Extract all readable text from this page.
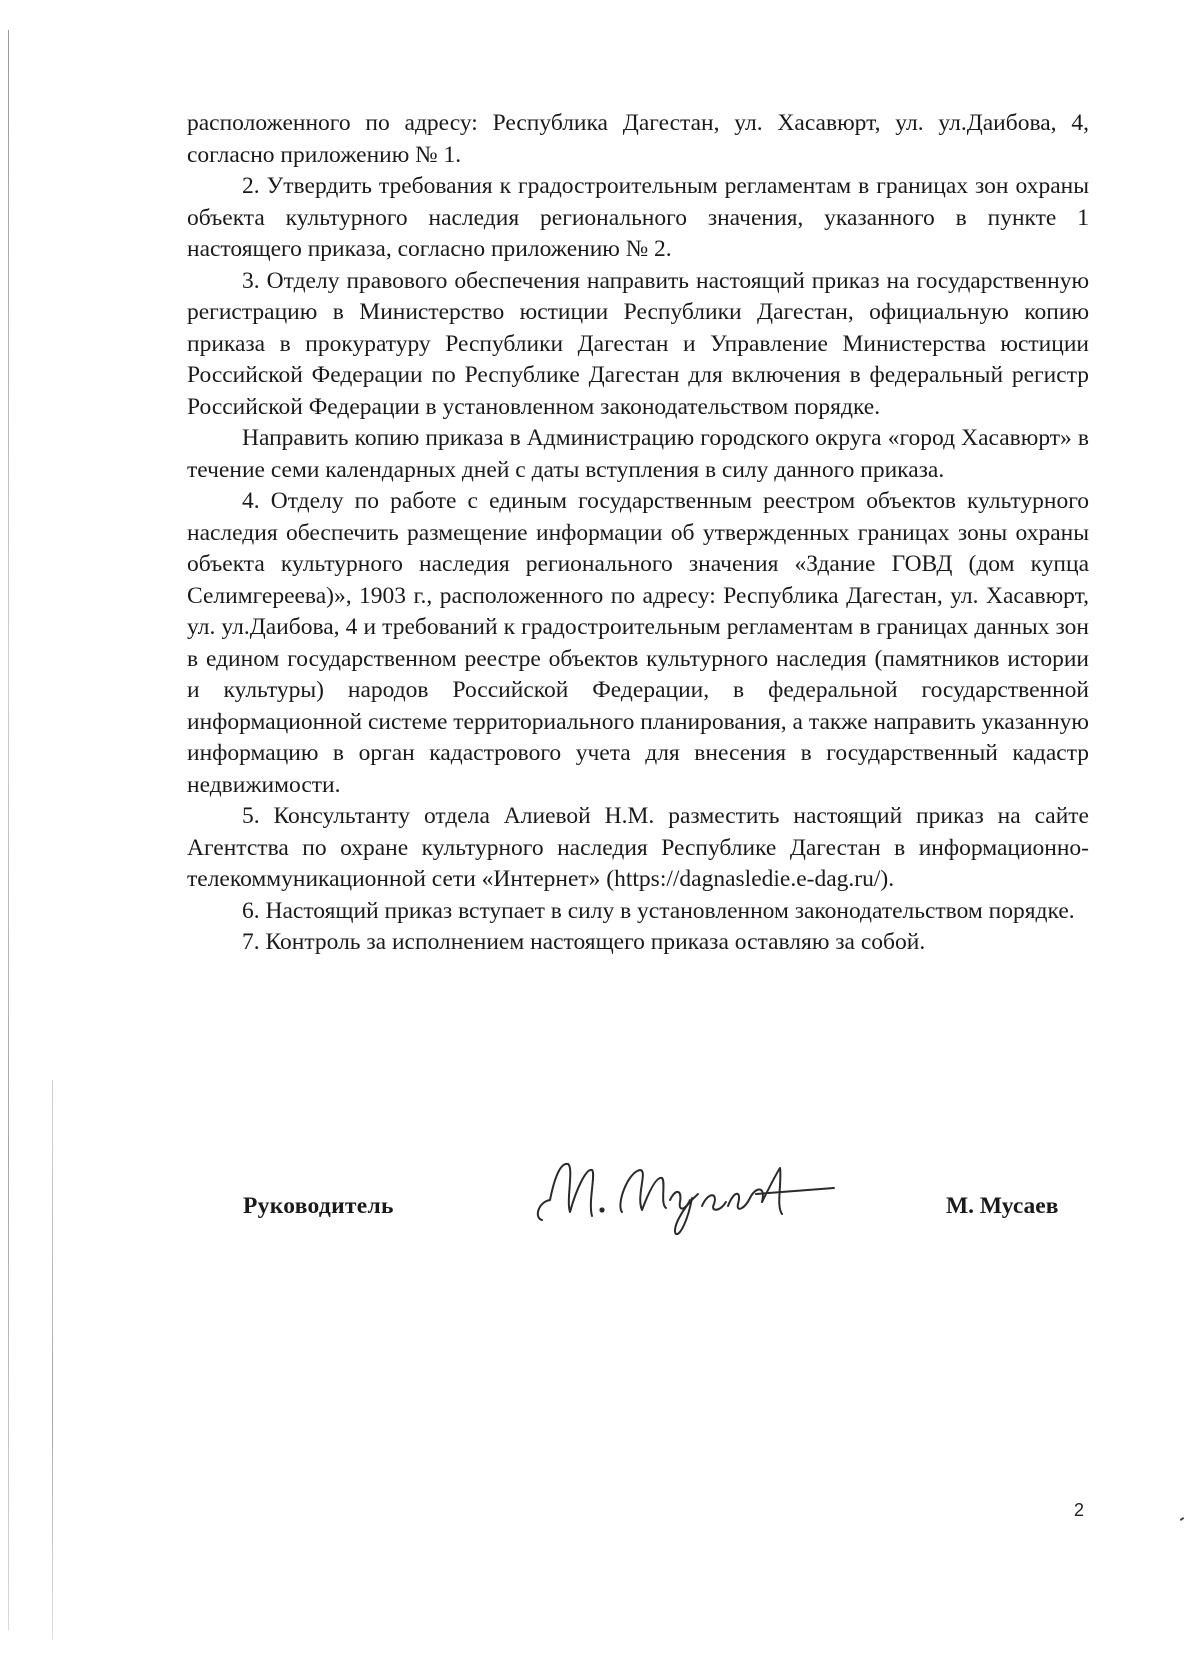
расположенного по адресу: Республика Дагестан, ул. Хасавюрт, ул. ул.Даибова, 4, согласно приложению № 1.

2. Утвердить требования к градостроительным регламентам в границах зон охраны объекта культурного наследия регионального значения, указанного в пункте 1 настоящего приказа, согласно приложению № 2.

3. Отделу правового обеспечения направить настоящий приказ на государственную регистрацию в Министерство юстиции Республики Дагестан, официальную копию приказа в прокуратуру Республики Дагестан и Управление Министерства юстиции Российской Федерации по Республике Дагестан для включения в федеральный регистр Российской Федерации в установленном законодательством порядке.

Направить копию приказа в Администрацию городского округа «город Хасавюрт» в течение семи календарных дней с даты вступления в силу данного приказа.

4. Отделу по работе с единым государственным реестром объектов культурного наследия обеспечить размещение информации об утвержденных границах зоны охраны объекта культурного наследия регионального значения «Здание ГОВД (дом купца Селимгереева)», 1903 г., расположенного по адресу: Республика Дагестан, ул. Хасавюрт, ул. ул.Даибова, 4 и требований к градостроительным регламентам в границах данных зон в едином государственном реестре объектов культурного наследия (памятников истории и культуры) народов Российской Федерации, в федеральной государственной информационной системе территориального планирования, а также направить указанную информацию в орган кадастрового учета для внесения в государственный кадастр недвижимости.

5. Консультанту отдела Алиевой Н.М. разместить настоящий приказ на сайте Агентства по охране культурного наследия Республике Дагестан в информационно-телекоммуникационной сети «Интернет» (https://dagnasledie.e-dag.ru/).

6. Настоящий приказ вступает в силу в установленном законодательством порядке.

7. Контроль за исполнением настоящего приказа оставляю за собой.

Руководитель	М. Мусаев
2
